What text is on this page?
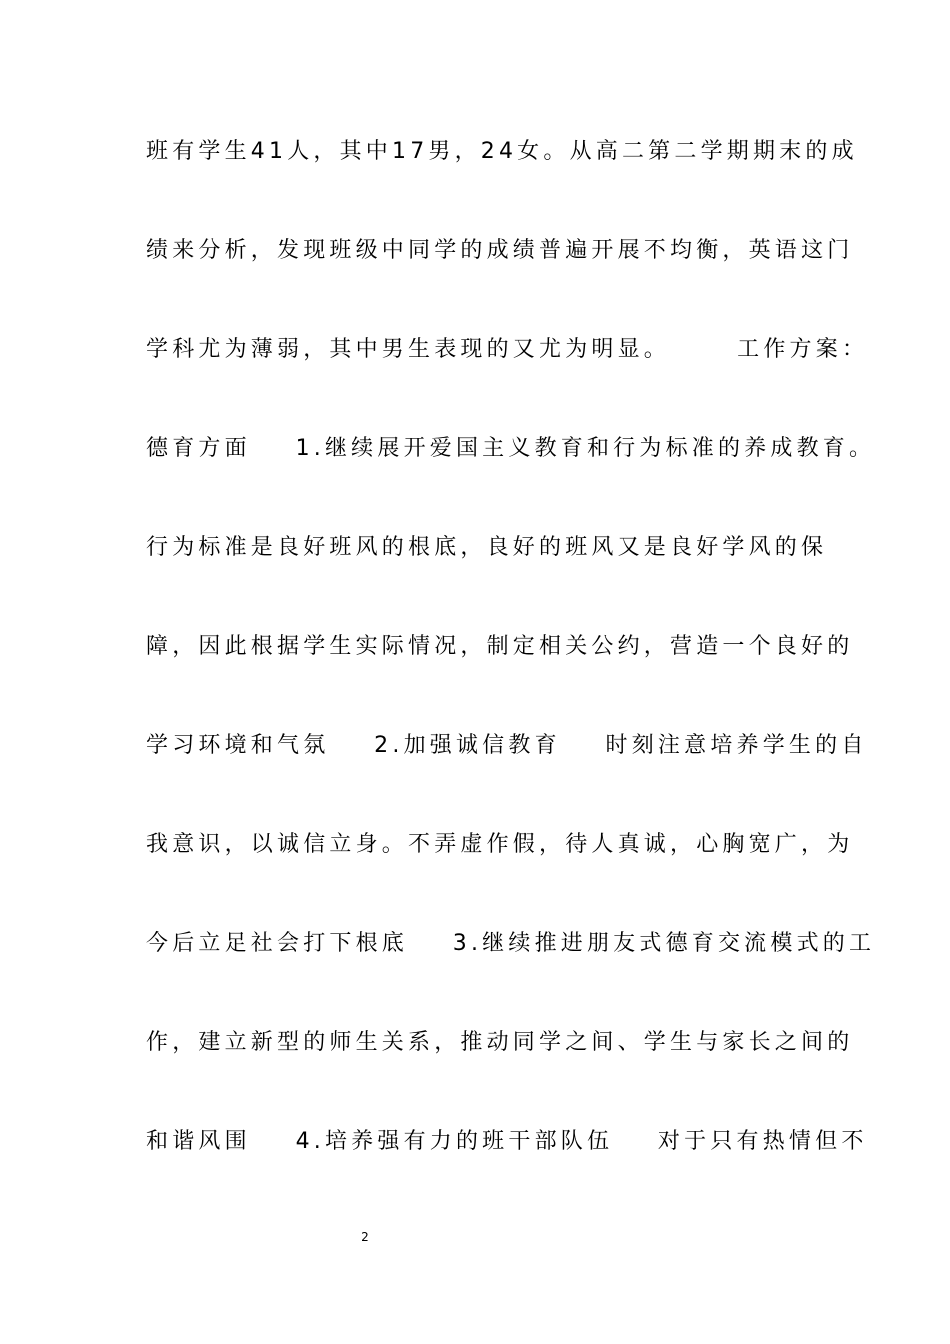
班有学生41人，其中17男，24女。从高二第二学期期末的成
绩来分析，发现班级中同学的成绩普遍开展不均衡，英语这门
学科尤为薄弱，其中男生表现的又尤为明显。      工作方案：
德育方面    1.继续展开爱国主义教育和行为标准的养成教育。
行为标准是良好班风的根底，良好的班风又是良好学风的保
障，因此根据学生实际情况，制定相关公约，营造一个良好的
学习环境和气氛    2.加强诚信教育    时刻注意培养学生的自
我意识，以诚信立身。不弄虚作假，待人真诚，心胸宽广，为
今后立足社会打下根底    3.继续推进朋友式德育交流模式的工
作，建立新型的师生关系，推动同学之间、学生与家长之间的
和谐风围    4.培养强有力的班干部队伍    对于只有热情但不
2
